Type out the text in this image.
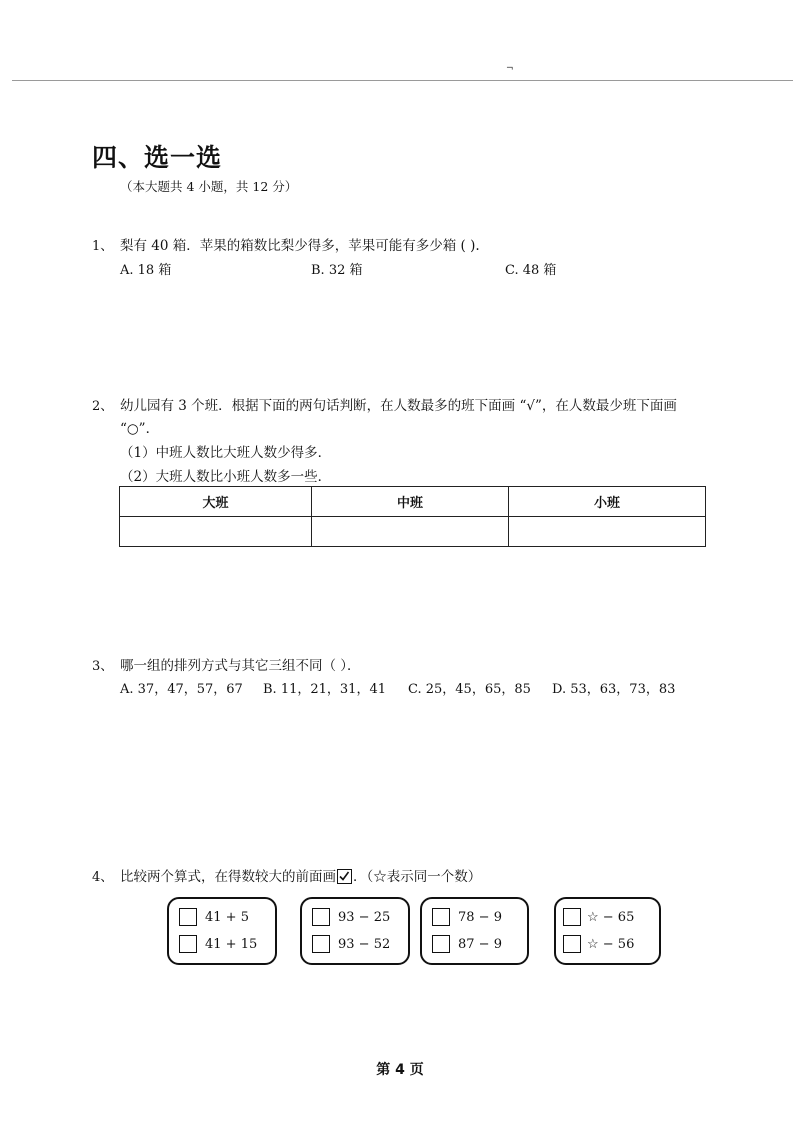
¬
四、选一选
（本大题共 4 小题，共 12 分）
1、 梨有 40 箱．苹果的箱数比梨少得多，苹果可能有多少箱 ( ).
A. 18 箱	B. 32 箱	C. 48 箱
2、 幼儿园有 3 个班．根据下面的两句话判断，在人数最多的班下面画 “√”，在人数最少班下面画
“○”．
（1）中班人数比大班人数少得多．
（2）大班人数比小班人数多一些．
大班	中班	小班

3、 哪一组的排列方式与其它三组不同（ ）．
A. 37，47，57，67 B. 11，21，31，41 C. 25，45，65，85 D. 53，63，73，83
4、 比较两个算式，在得数较大的前面画 ．（☆表示同一个数）
41 + 5
41 + 15
93 − 25
93 − 52
78 − 9
87 − 9
☆ − 65
☆ − 56
第 4 页
